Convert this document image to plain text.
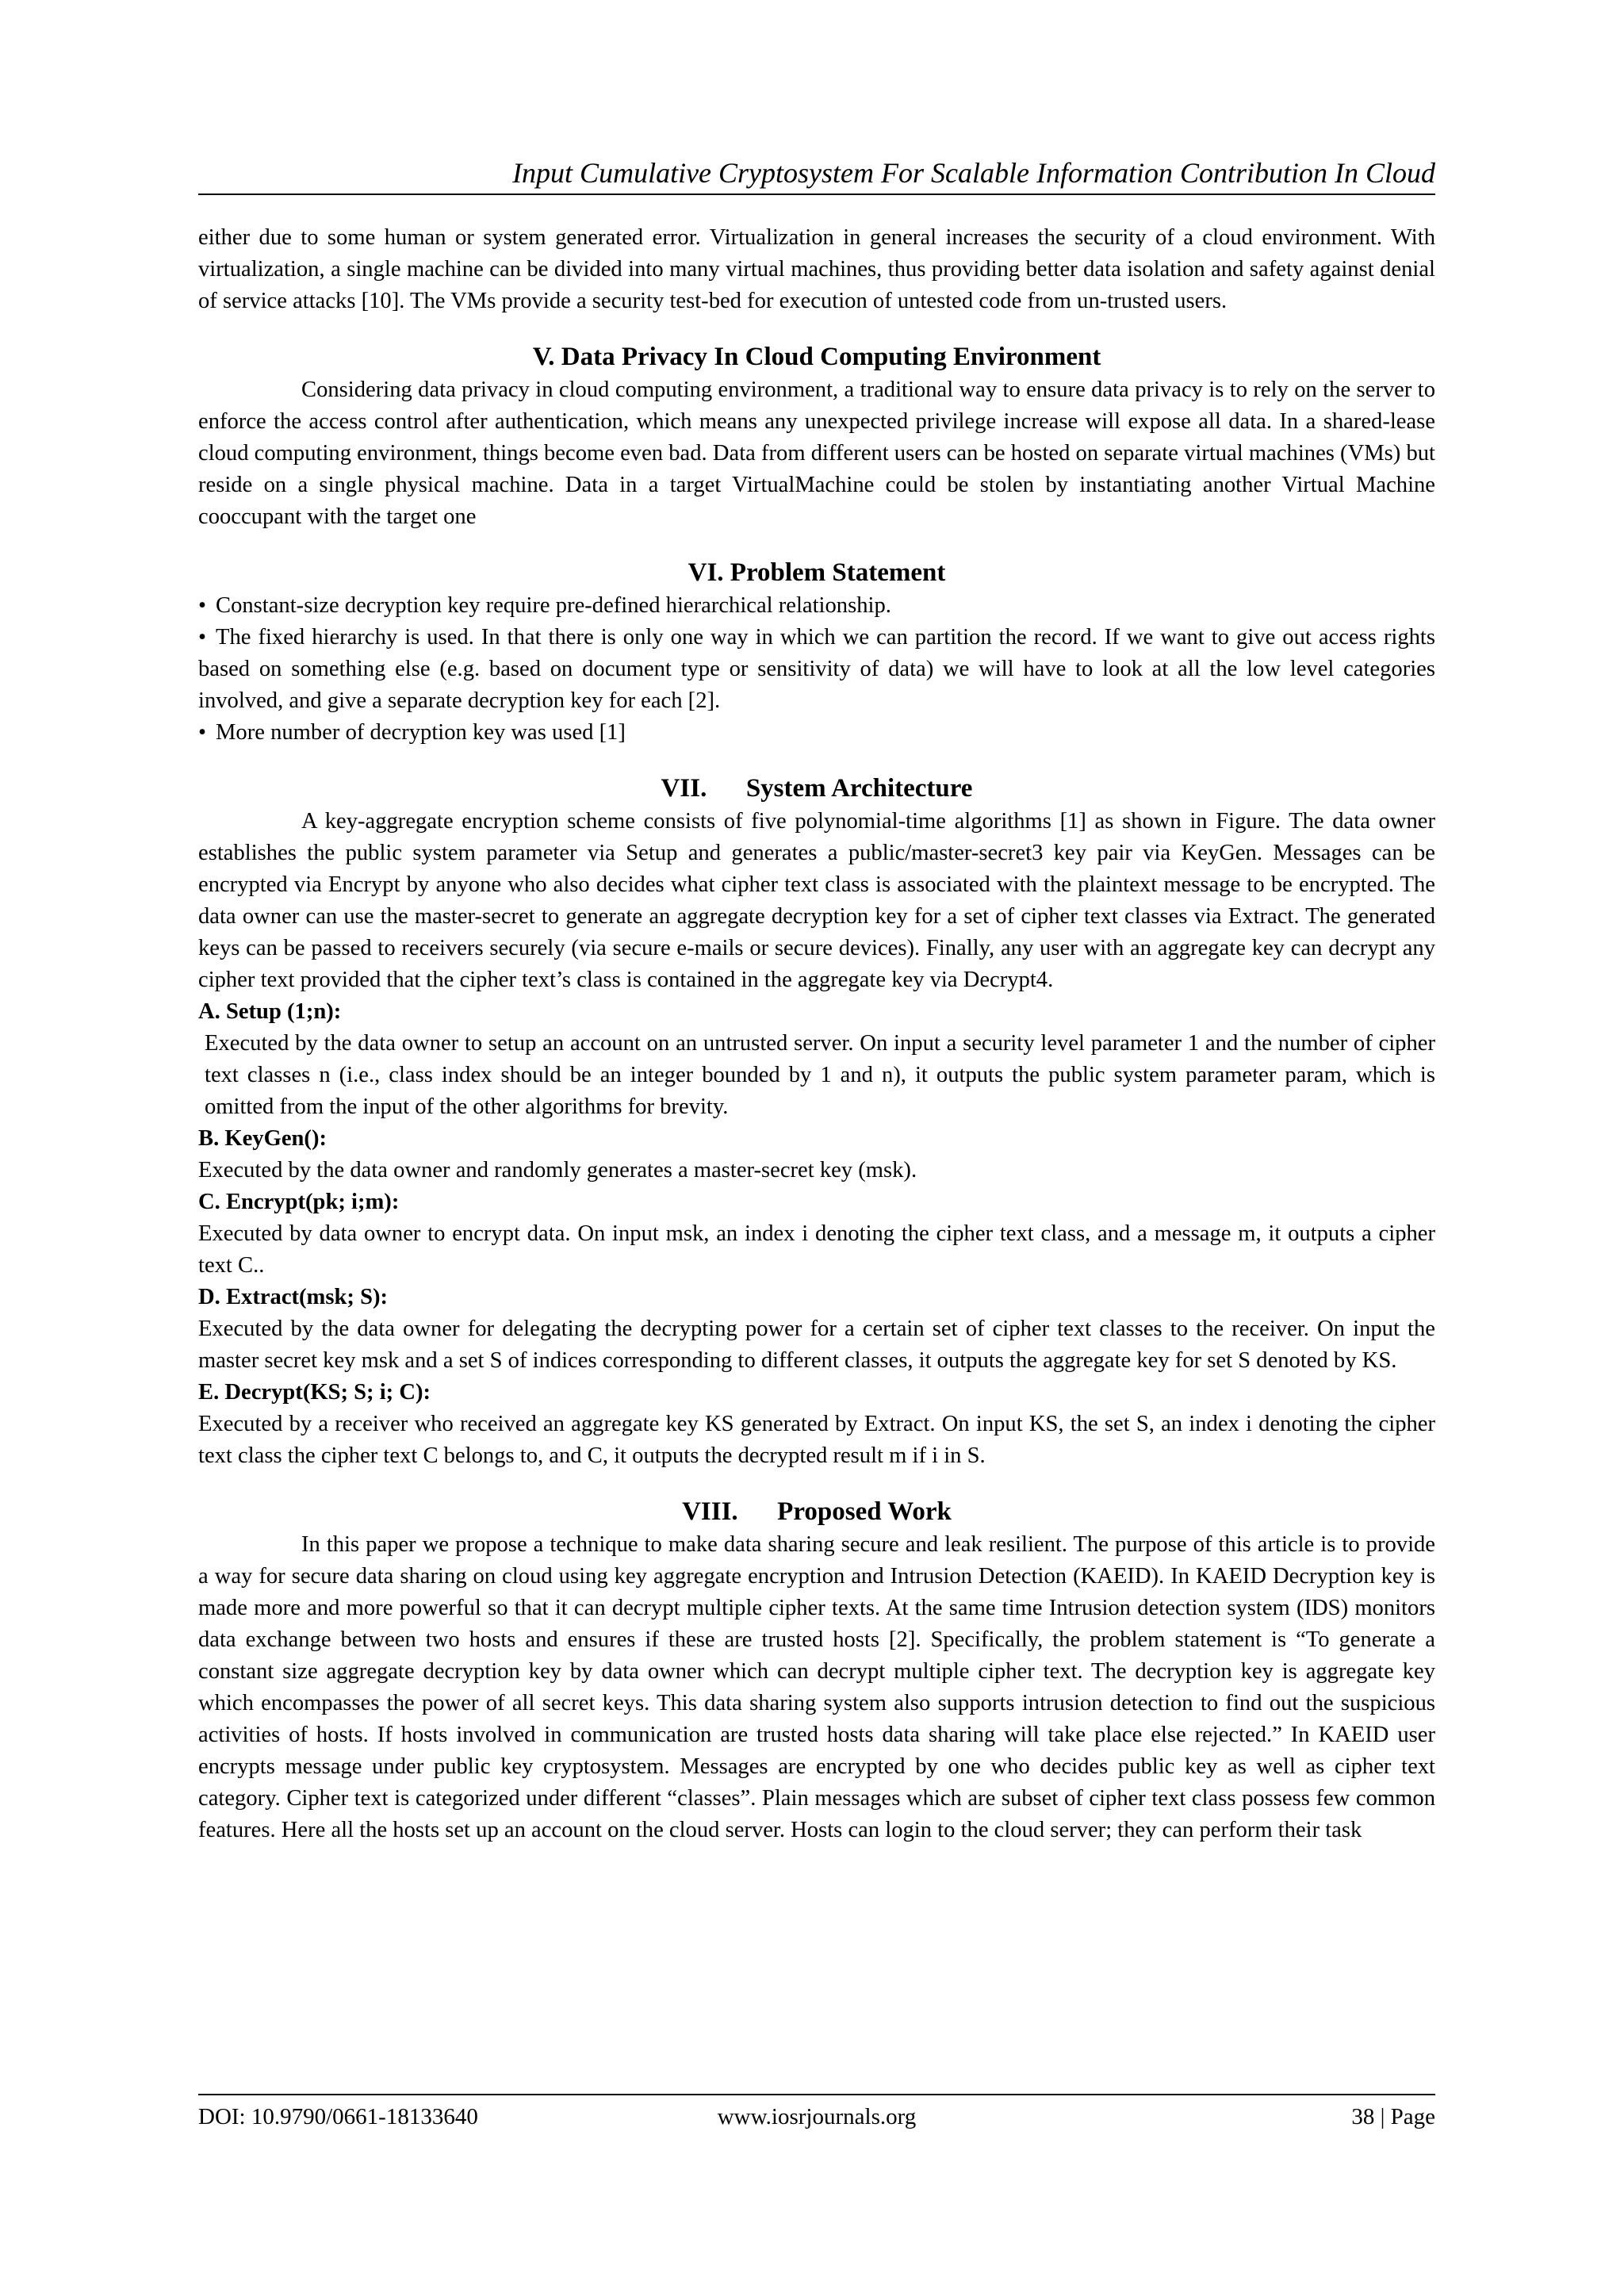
Input Cumulative Cryptosystem For Scalable Information Contribution In Cloud

either due to some human or system generated error. Virtualization in general increases the security of a cloud environment. With virtualization, a single machine can be divided into many virtual machines, thus providing better data isolation and safety against denial of service attacks [10]. The VMs provide a security test-bed for execution of untested code from un-trusted users.

V. Data Privacy In Cloud Computing Environment

Considering data privacy in cloud computing environment, a traditional way to ensure data privacy is to rely on the server to enforce the access control after authentication, which means any unexpected privilege increase will expose all data. In a shared-lease cloud computing environment, things become even bad. Data from different users can be hosted on separate virtual machines (VMs) but reside on a single physical machine. Data in a target VirtualMachine could be stolen by instantiating another Virtual Machine cooccupant with the target one

VI. Problem Statement

• Constant-size decryption key require pre-defined hierarchical relationship.

• The fixed hierarchy is used. In that there is only one way in which we can partition the record. If we want to give out access rights based on something else (e.g. based on document type or sensitivity of data) we will have to look at all the low level categories involved, and give a separate decryption key for each [2].

• More number of decryption key was used [1]

VII.      System Architecture

A key-aggregate encryption scheme consists of five polynomial-time algorithms [1] as shown in Figure. The data owner establishes the public system parameter via Setup and generates a public/master-secret3 key pair via KeyGen. Messages can be encrypted via Encrypt by anyone who also decides what cipher text class is associated with the plaintext message to be encrypted. The data owner can use the master-secret to generate an aggregate decryption key for a set of cipher text classes via Extract. The generated keys can be passed to receivers securely (via secure e-mails or secure devices). Finally, any user with an aggregate key can decrypt any cipher text provided that the cipher text’s class is contained in the aggregate key via Decrypt4.

A. Setup (1;n):

Executed by the data owner to setup an account on an untrusted server. On input a security level parameter 1 and the number of cipher text classes n (i.e., class index should be an integer bounded by 1 and n), it outputs the public system parameter param, which is omitted from the input of the other algorithms for brevity.

B. KeyGen():

Executed by the data owner and randomly generates a master-secret key (msk).

C. Encrypt(pk; i;m):

Executed by data owner to encrypt data. On input msk, an index i denoting the cipher text class, and a message m, it outputs a cipher text C..

D. Extract(msk; S):

Executed by the data owner for delegating the decrypting power for a certain set of cipher text classes to the receiver. On input the master secret key msk and a set S of indices corresponding to different classes, it outputs the aggregate key for set S denoted by KS.

E. Decrypt(KS; S; i; C):

Executed by a receiver who received an aggregate key KS generated by Extract. On input KS, the set S, an index i denoting the cipher text class the cipher text C belongs to, and C, it outputs the decrypted result m if i in S.

VIII.      Proposed Work

In this paper we propose a technique to make data sharing secure and leak resilient. The purpose of this article is to provide a way for secure data sharing on cloud using key aggregate encryption and Intrusion Detection (KAEID). In KAEID Decryption key is made more and more powerful so that it can decrypt multiple cipher texts. At the same time Intrusion detection system (IDS) monitors data exchange between two hosts and ensures if these are trusted hosts [2]. Specifically, the problem statement is “To generate a constant size aggregate decryption key by data owner which can decrypt multiple cipher text. The decryption key is aggregate key which encompasses the power of all secret keys. This data sharing system also supports intrusion detection to find out the suspicious activities of hosts. If hosts involved in communication are trusted hosts data sharing will take place else rejected.” In KAEID user encrypts message under public key cryptosystem. Messages are encrypted by one who decides public key as well as cipher text category. Cipher text is categorized under different “classes”. Plain messages which are subset of cipher text class possess few common features. Here all the hosts set up an account on the cloud server. Hosts can login to the cloud server; they can perform their task

DOI: 10.9790/0661-18133640	www.iosrjournals.org	38 | Page
